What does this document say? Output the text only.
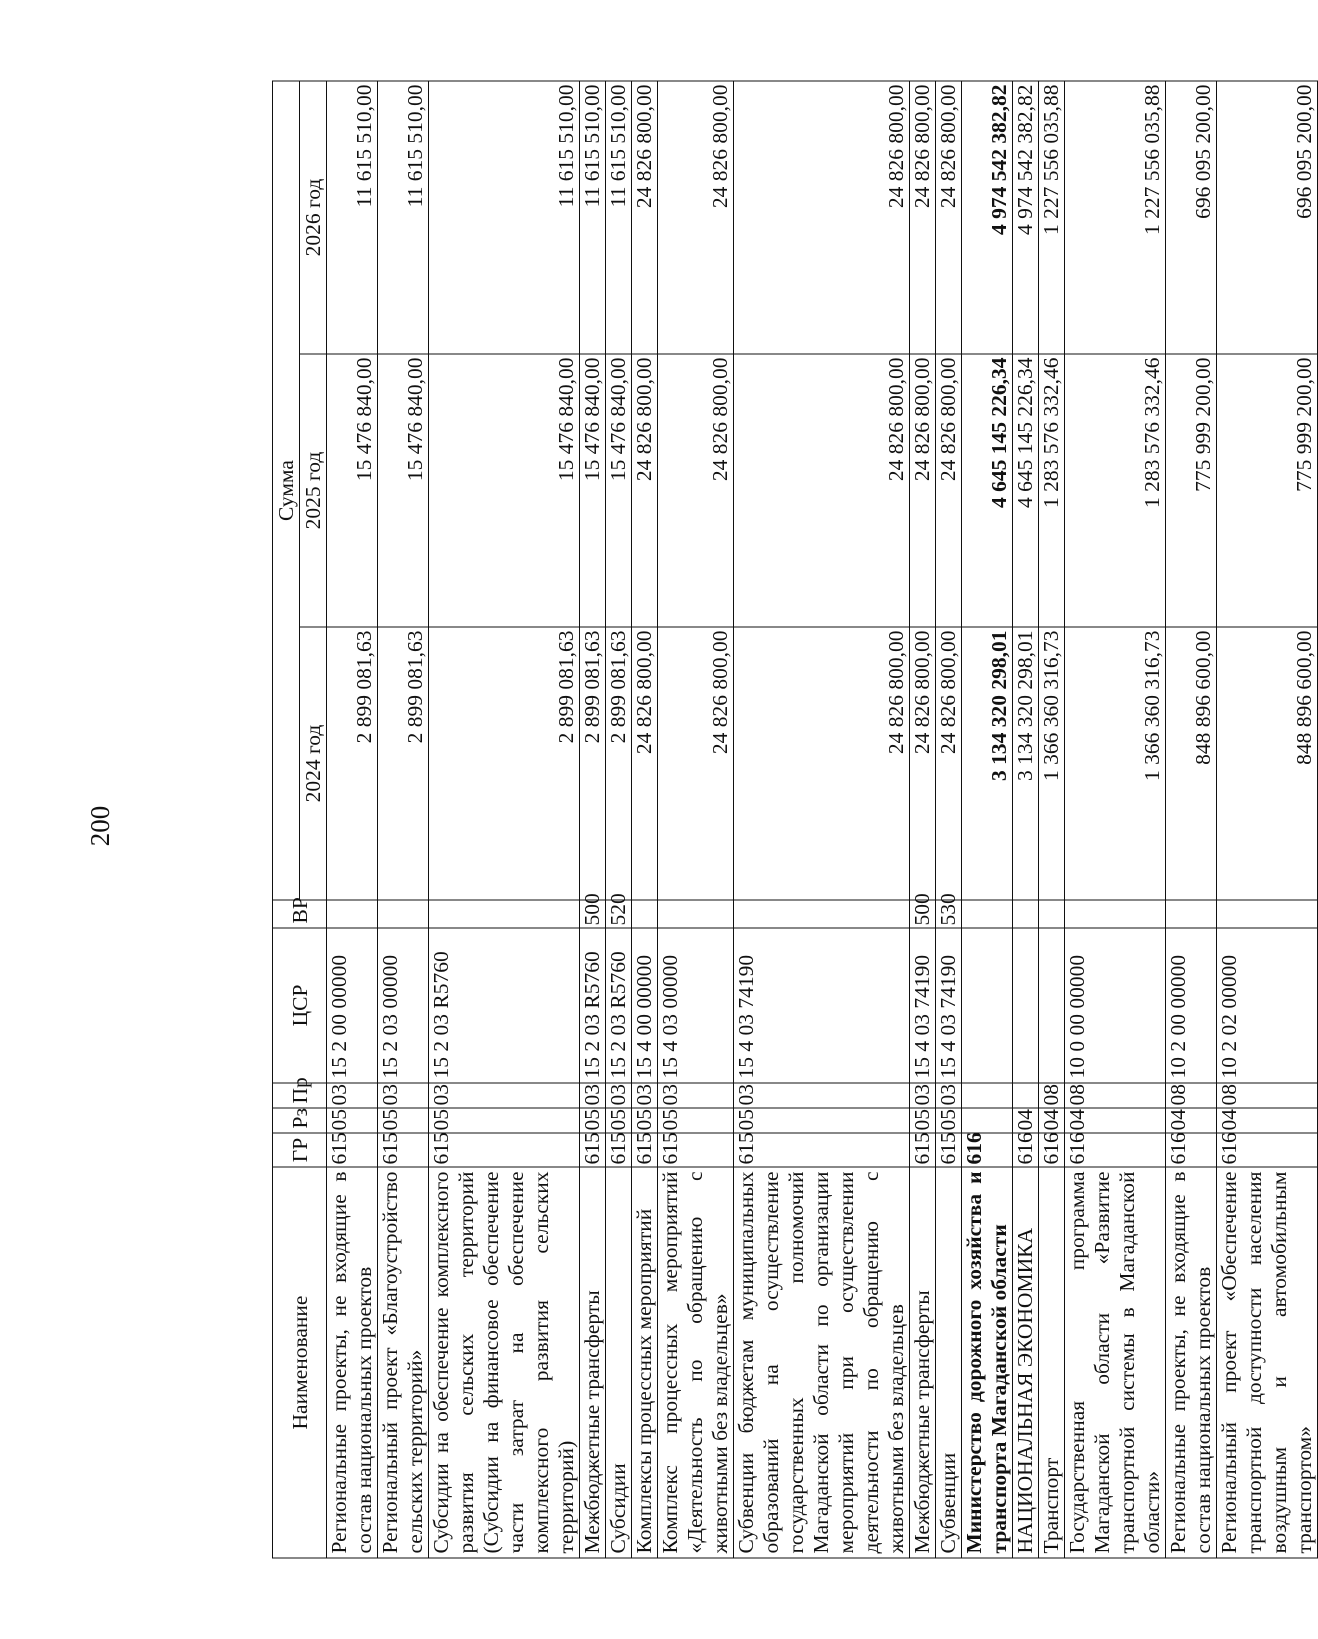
200
Наименование	ГР	Рз	Пр	ЦСР	ВР	Сумма		
						2024 год	2025 год	2026 год
Региональные проекты, не входящие в состав национальных проектов	615	05	03	15 2 00 00000		2 899 081,63	15 476 840,00	11 615 510,00
Региональный проект «Благоустройство сельских территорий»	615	05	03	15 2 03 00000		2 899 081,63	15 476 840,00	11 615 510,00
Субсидии на обеспечение комплексного развития сельских территорий (Субсидии на финансовое обеспечение части затрат на обеспечение комплексного развития сельских территорий)	615	05	03	15 2 03 R5760		2 899 081,63	15 476 840,00	11 615 510,00
Межбюджетные трансферты	615	05	03	15 2 03 R5760	500	2 899 081,63	15 476 840,00	11 615 510,00
Субсидии	615	05	03	15 2 03 R5760	520	2 899 081,63	15 476 840,00	11 615 510,00
Комплексы процессных мероприятий	615	05	03	15 4 00 00000		24 826 800,00	24 826 800,00	24 826 800,00
Комплекс процессных мероприятий «Деятельность по обращению с животными без владельцев»	615	05	03	15 4 03 00000		24 826 800,00	24 826 800,00	24 826 800,00
Субвенции бюджетам муниципальных образований на осуществление государственных полномочий Магаданской области по организации мероприятий при осуществлении деятельности по обращению с животными без владельцев	615	05	03	15 4 03 74190		24 826 800,00	24 826 800,00	24 826 800,00
Межбюджетные трансферты	615	05	03	15 4 03 74190	500	24 826 800,00	24 826 800,00	24 826 800,00
Субвенции	615	05	03	15 4 03 74190	530	24 826 800,00	24 826 800,00	24 826 800,00
Министерство дорожного хозяйства и транспорта Магаданской области	616					3 134 320 298,01	4 645 145 226,34	4 974 542 382,82
НАЦИОНАЛЬНАЯ ЭКОНОМИКА	616	04				3 134 320 298,01	4 645 145 226,34	4 974 542 382,82
Транспорт	616	04	08			1 366 360 316,73	1 283 576 332,46	1 227 556 035,88
Государственная программа Магаданской области «Развитие транспортной системы в Магаданской области»	616	04	08	10 0 00 00000		1 366 360 316,73	1 283 576 332,46	1 227 556 035,88
Региональные проекты, не входящие в состав национальных проектов	616	04	08	10 2 00 00000		848 896 600,00	775 999 200,00	696 095 200,00
Региональный проект «Обеспечение транспортной доступности населения воздушным и автомобильным транспортом»	616	04	08	10 2 02 00000		848 896 600,00	775 999 200,00	696 095 200,00
